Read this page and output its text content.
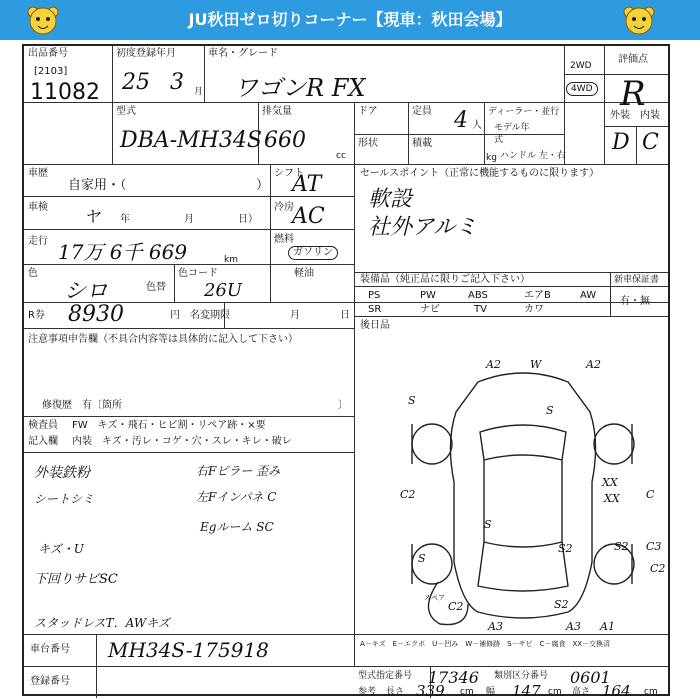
JU秋田ゼロ切りコーナー【現車：秋田会場】
出品番号
[2103]
11082
初度登録年月
25 3 月
車名・グレード
ワゴンR FX
2WD
4WD
評価点
R
型式
DBA-MH34S
排気量
660
cc
ドア
形状
定員 4 人
積載
kg
ディーラー・並行
モデル年式
ハンドル 左・右
外装 内装
D C
車歴
自家用・（	）
車検 ヤ 年	月	日）
シフト
AT
冷房
AC
走行 17万 6千 669	km
燃料
ガソリン
軽油
色
シロ	色替
色コード
26U
R券 8930	円 名変期限	月	日
注意事項申告欄（不具合内容等は具体的に記入して下さい）
修復歴　有〔箇所	〕
検査員
記入欄
FW　キズ・飛石・ヒビ割・リペア跡・×要
内装　キズ・汚レ・コゲ・穴・スレ・キレ・破レ
外装鉄粉
シートシミ
キズ・U
下回りサビSC
スタッドレスT．AWキズ
右Fピラー 歪み
左Fインパネ C
Egルーム SC
セールスポイント（正常に機能するものに限ります）
軟設
社外アルミ
装備品（純正品に限りご記入下さい）
PS	PW	ABS	エアB	AW
SR	ナビ	TV	カワ
新車保証書
有・無
後日品
A2	W	A2
S
S
XX
XX
C2	C
S
S2 C3
C2
S2
S
S2
C2
A3	A3 A1
スペア
車台番号 MH34S-175918
登録番号
A－キズ　E－エクボ　U－凹み　W－補修跡　S－サビ　C－腐食　XX－交換済
型式指定番号 17346 類別区分番号 0601
参考 長さ 339 cm 幅 147 cm 高さ 164 cm
